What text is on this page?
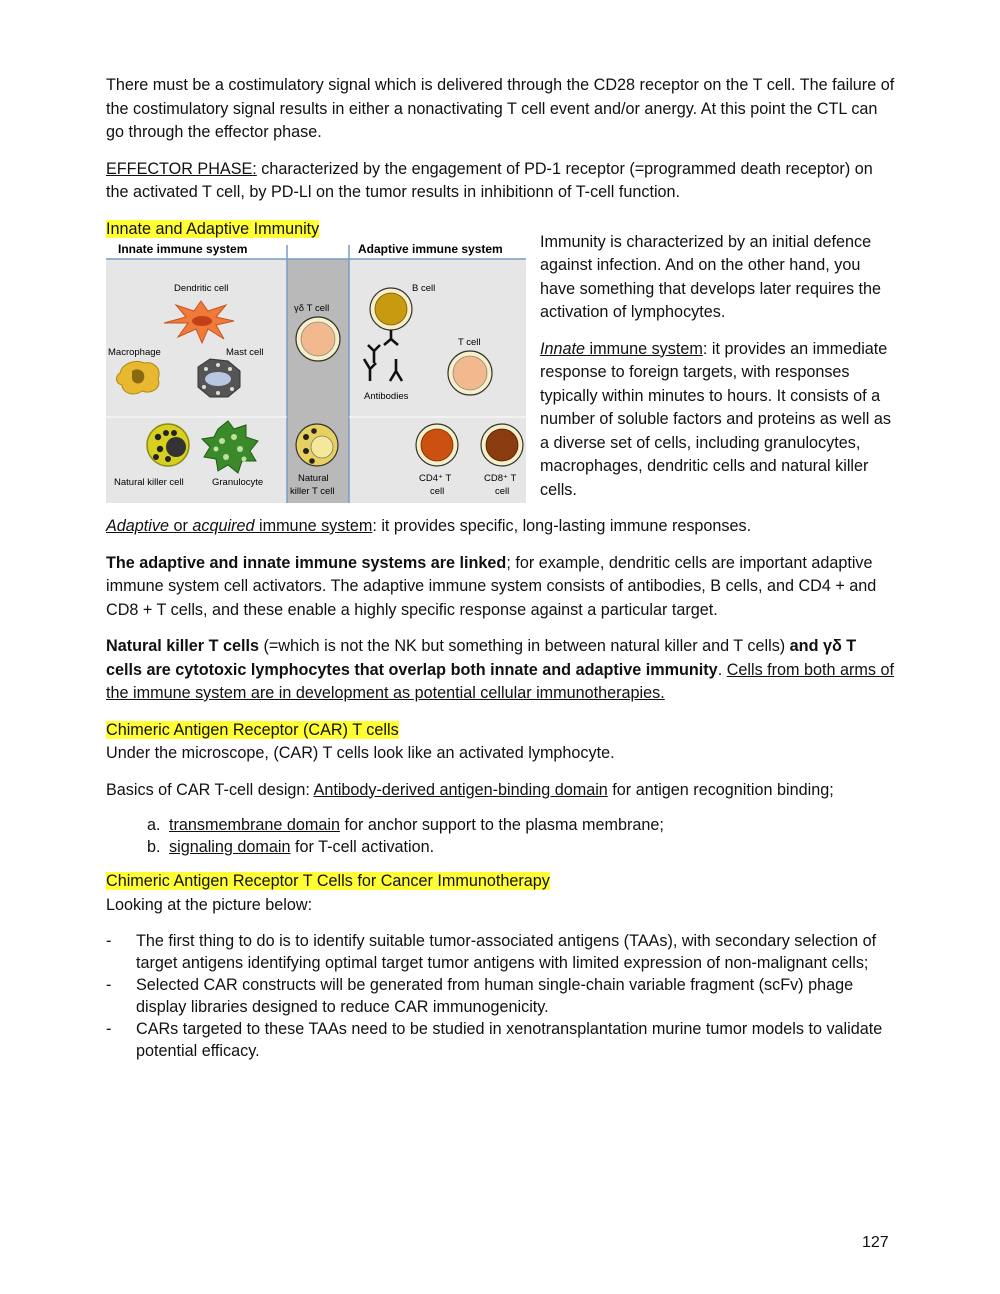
There must be a costimulatory signal which is delivered through the CD28 receptor on the T cell. The failure of the costimulatory signal results in either a nonactivating T cell event and/or anergy. At this point the CTL can go through the effector phase.

EFFECTOR PHASE: characterized by the engagement of PD-1 receptor (=programmed death receptor) on the activated T cell, by PD-Ll on the tumor results in inhibitionn of T-cell function.

Innate and Adaptive Immunity

Innate immune system	Adaptive immune system
Dendritic cell
Macrophage	Mast cell
Natural killer cell	Granulocyte
γδ T cell
Natural
killer T cell
B cell
Antibodies
T cell
CD4⁺ T
cell
CD8⁺ T
cell

Immunity is characterized by an initial defence against infection. And on the other hand, you have something that develops later requires the activation of lymphocytes.

Innate immune system: it provides an immediate response to foreign targets, with responses typically within minutes to hours. It consists of a number of soluble factors and proteins as well as a diverse set of cells, including granulocytes, macrophages, dendritic cells and natural killer cells.

Adaptive or acquired immune system: it provides specific, long-lasting immune responses.

The adaptive and innate immune systems are linked; for example, dendritic cells are important adaptive immune system cell activators. The adaptive immune system consists of antibodies, B cells, and CD4 + and CD8 + T cells, and these enable a highly specific response against a particular target.

Natural killer T cells (=which is not the NK but something in between natural killer and T cells) and γδ T cells are cytotoxic lymphocytes that overlap both innate and adaptive immunity. Cells from both arms of the immune system are in development as potential cellular immunotherapies.

Chimeric Antigen Receptor (CAR) T cells

Under the microscope, (CAR) T cells look like an activated lymphocyte.

Basics of CAR T-cell design: Antibody-derived antigen-binding domain for antigen recognition binding;

a. transmembrane domain for anchor support to the plasma membrane;
b. signaling domain for T-cell activation.

Chimeric Antigen Receptor T Cells for Cancer Immunotherapy

Looking at the picture below:

- The first thing to do is to identify suitable tumor-associated antigens (TAAs), with secondary selection of target antigens identifying optimal target tumor antigens with limited expression of non-malignant cells;
- Selected CAR constructs will be generated from human single-chain variable fragment (scFv) phage display libraries designed to reduce CAR immunogenicity.
- CARs targeted to these TAAs need to be studied in xenotransplantation murine tumor models to validate potential efficacy.
127
